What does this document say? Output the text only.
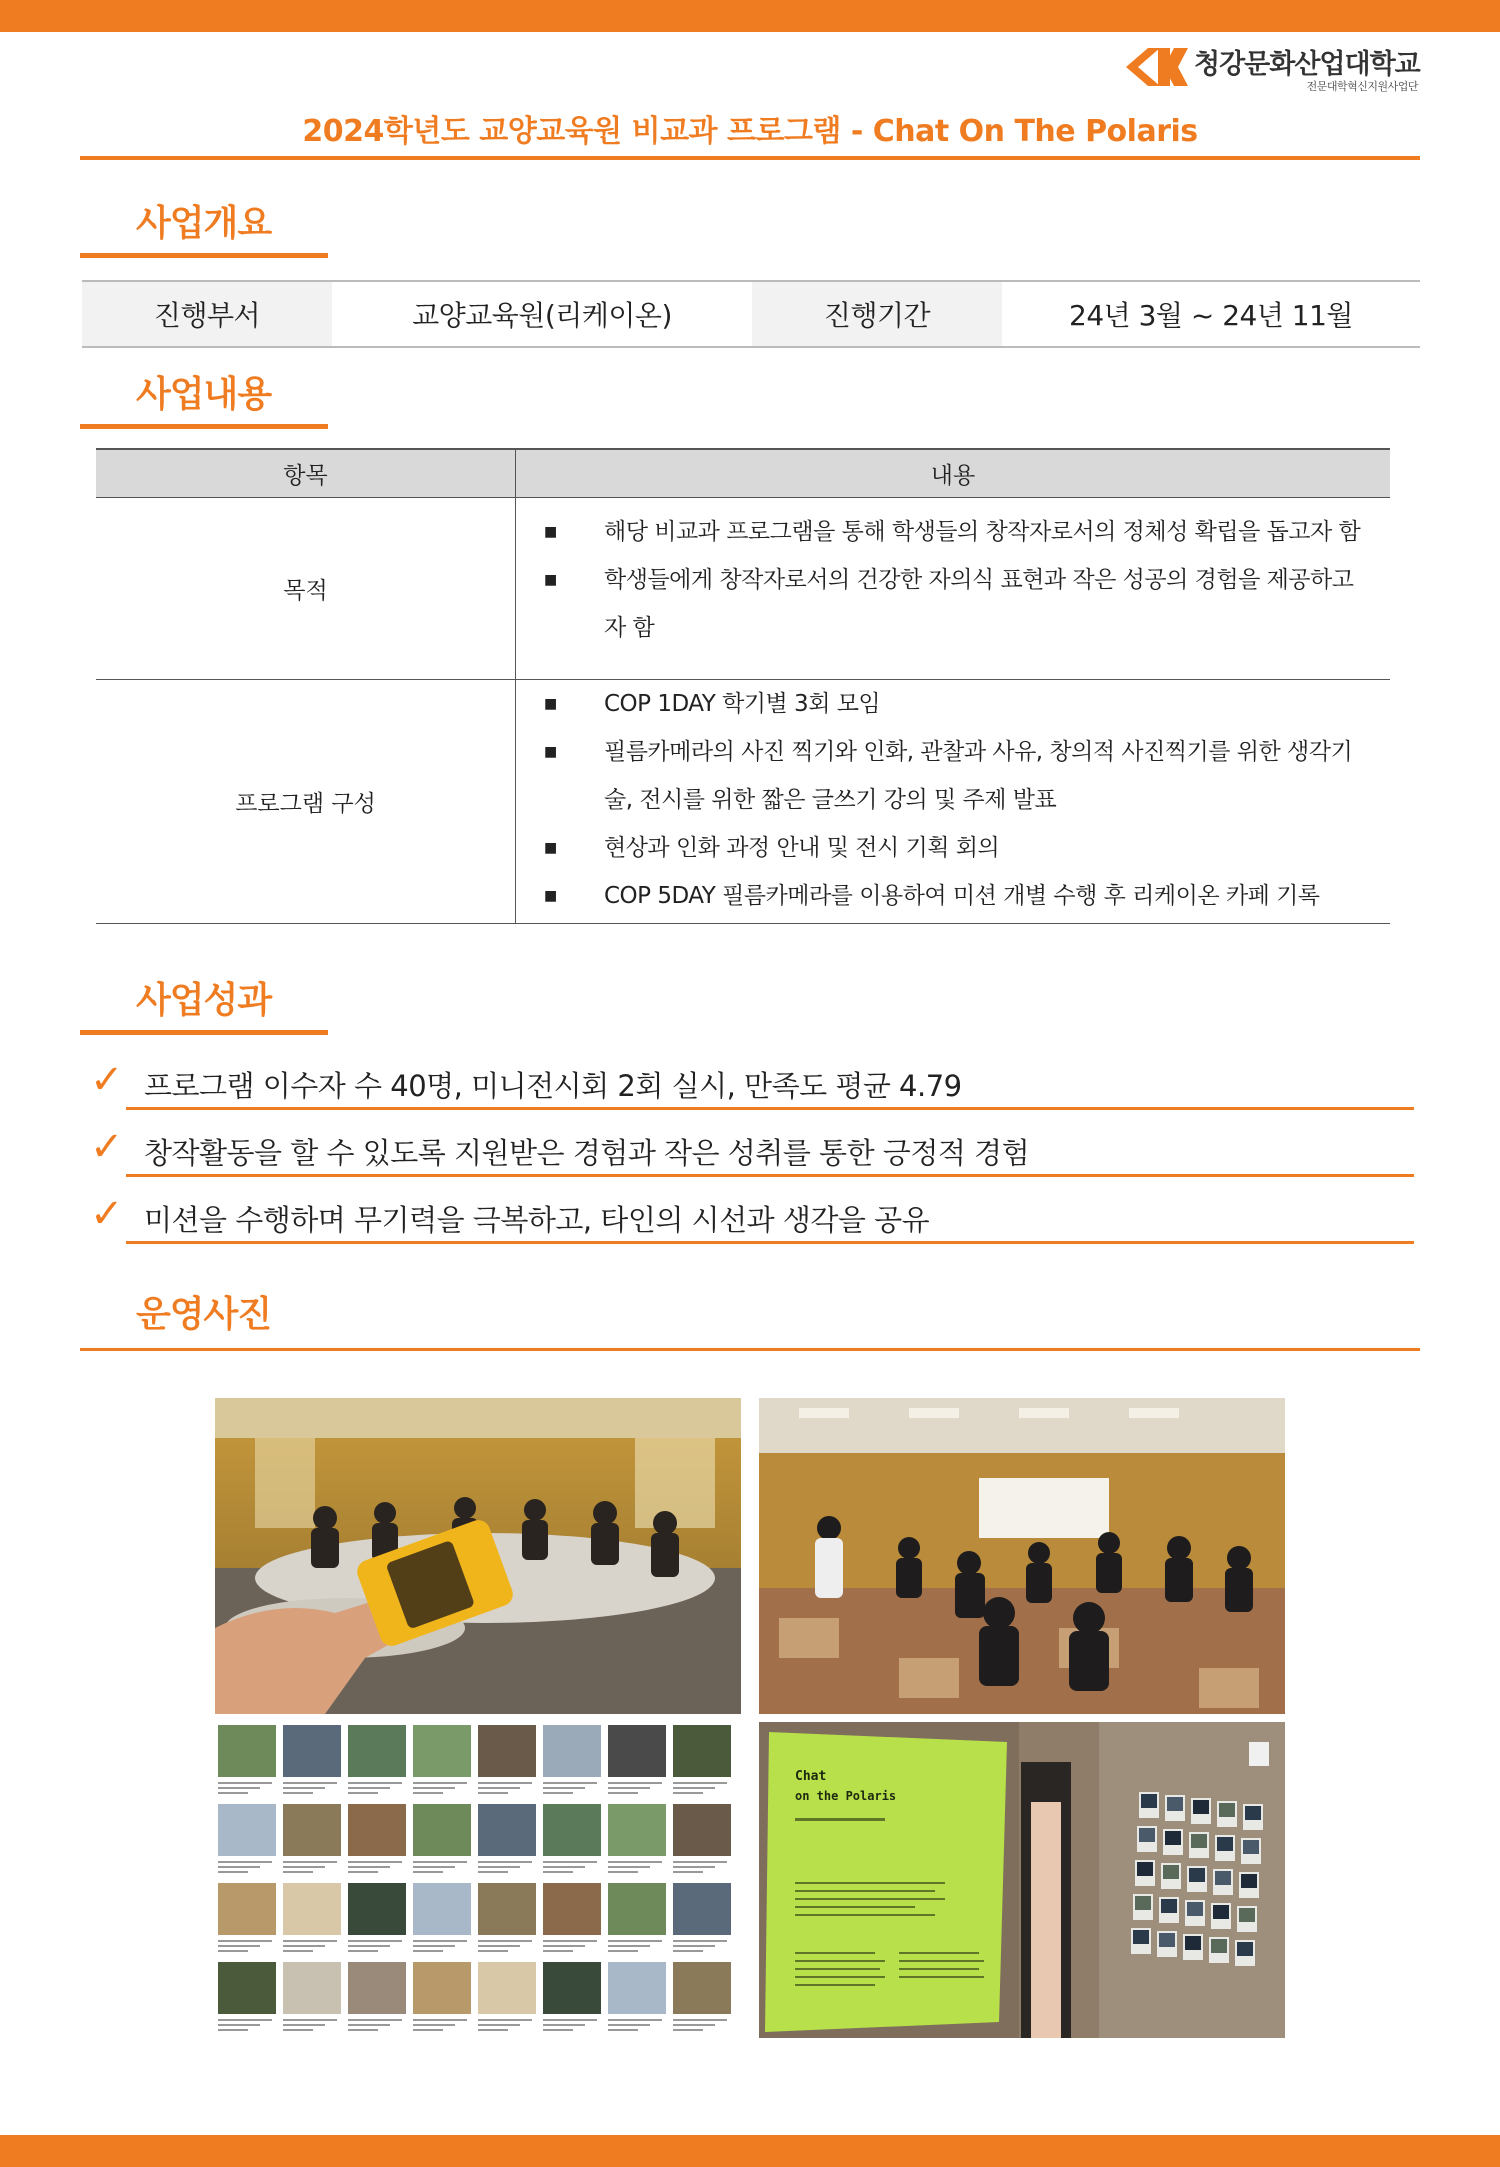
청강문화산업대학교
전문대학혁신지원사업단
2024학년도 교양교육원 비교과 프로그램 - Chat On The Polaris
사업개요
진행부서	교양교육원(리케이온)	진행기간	24년 3월 ~ 24년 11월
사업내용
항목	내용
목적
■ 해당 비교과 프로그램을 통해 학생들의 창작자로서의 정체성 확립을 돕고자 함
■ 학생들에게 창작자로서의 건강한 자의식 표현과 작은 성공의 경험을 제공하고
자 함
프로그램 구성
■ COP 1DAY 학기별 3회 모임
■ 필름카메라의 사진 찍기와 인화, 관찰과 사유, 창의적 사진찍기를 위한 생각기
술, 전시를 위한 짧은 글쓰기 강의 및 주제 발표
■ 현상과 인화 과정 안내 및 전시 기획 회의
■ COP 5DAY 필름카메라를 이용하여 미션 개별 수행 후 리케이온 카페 기록
사업성과
✓ 프로그램 이수자 수 40명, 미니전시회 2회 실시, 만족도 평균 4.79
✓ 창작활동을 할 수 있도록 지원받은 경험과 작은 성취를 통한 긍정적 경험
✓ 미션을 수행하며 무기력을 극복하고, 타인의 시선과 생각을 공유
운영사진
Chat
on the Polaris
